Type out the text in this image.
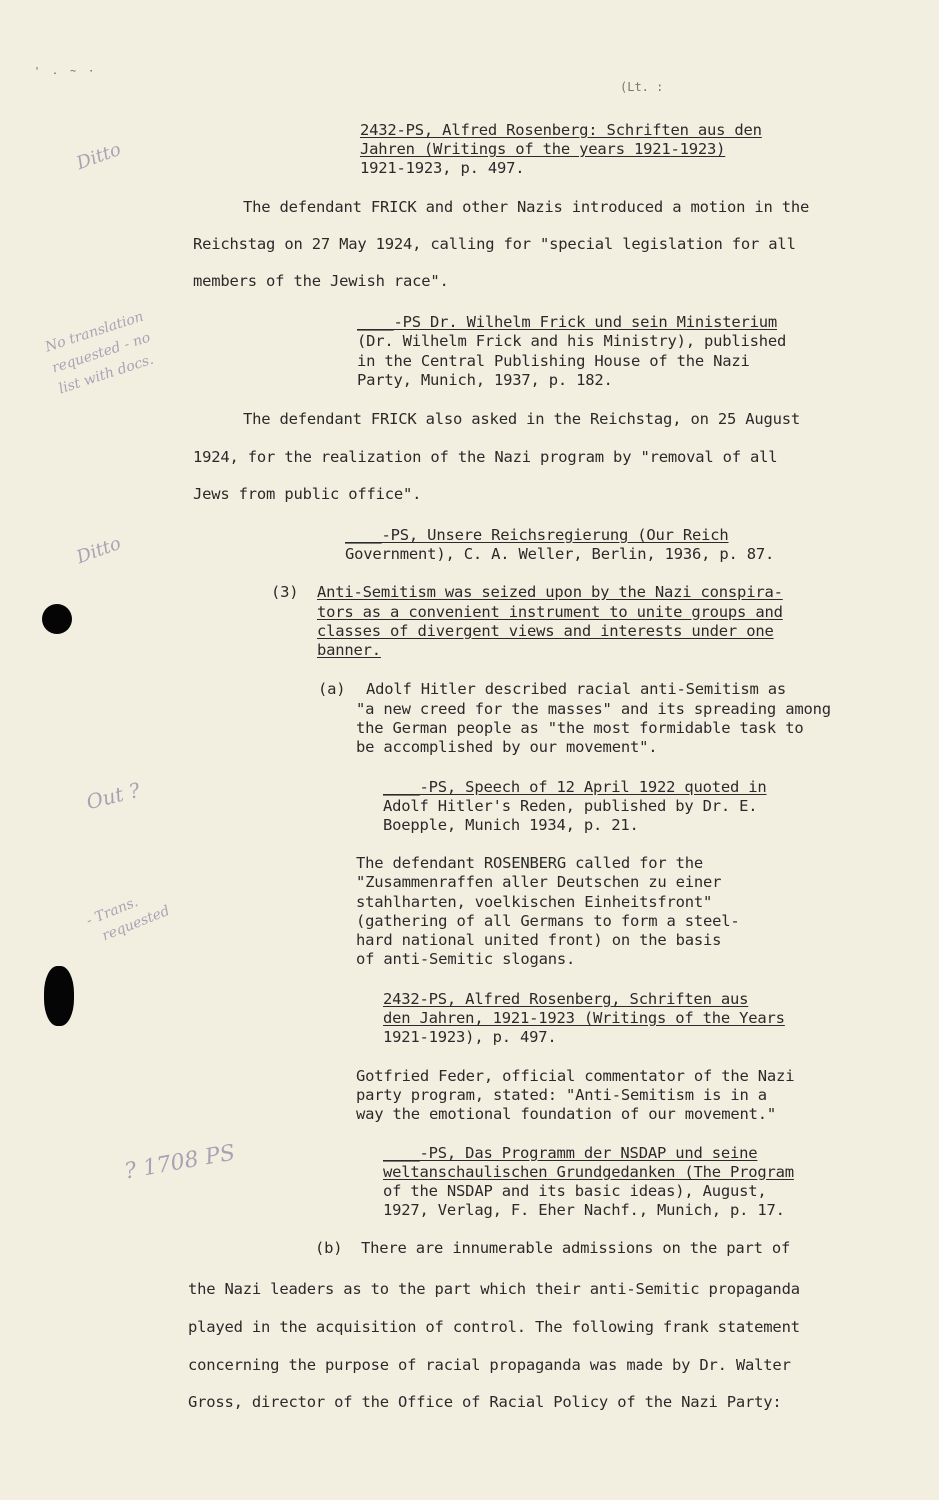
' . ~ ·
(Lt. :
Ditto
No translation
requested - no
list with docs.
Ditto
Out ?
- Trans.
requested
? 1708 PS
2432-PS, Alfred Rosenberg: Schriften aus den
Jahren (Writings of the years 1921-1923)
1921-1923, p. 497.
The defendant FRICK and other Nazis introduced a motion in the
Reichstag on 27 May 1924, calling for "special legislation for all
members of the Jewish race".
____-PS Dr. Wilhelm Frick und sein Ministerium
(Dr. Wilhelm Frick and his Ministry), published
in the Central Publishing House of the Nazi
Party, Munich, 1937, p. 182.
The defendant FRICK also asked in the Reichstag, on 25 August
1924, for the realization of the Nazi program by "removal of all
Jews from public office".
____-PS, Unsere Reichsregierung (Our Reich
Government), C. A. Weller, Berlin, 1936, p. 87.
(3) Anti-Semitism was seized upon by the Nazi conspira-
tors as a convenient instrument to unite groups and
classes of divergent views and interests under one
banner.
(a) Adolf Hitler described racial anti-Semitism as
"a new creed for the masses" and its spreading among
the German people as "the most formidable task to
be accomplished by our movement".
____-PS, Speech of 12 April 1922 quoted in
Adolf Hitler's Reden, published by Dr. E.
Boepple, Munich 1934, p. 21.
The defendant ROSENBERG called for the
"Zusammenraffen aller Deutschen zu einer
stahlharten, voelkischen Einheitsfront"
(gathering of all Germans to form a steel-
hard national united front) on the basis
of anti-Semitic slogans.
2432-PS, Alfred Rosenberg, Schriften aus
den Jahren, 1921-1923 (Writings of the Years
1921-1923), p. 497.
Gotfried Feder, official commentator of the Nazi
party program, stated: "Anti-Semitism is in a
way the emotional foundation of our movement."
____-PS, Das Programm der NSDAP und seine
weltanschaulischen Grundgedanken (The Program
of the NSDAP and its basic ideas), August,
1927, Verlag, F. Eher Nachf., Munich, p. 17.
(b) There are innumerable admissions on the part of
the Nazi leaders as to the part which their anti-Semitic propaganda
played in the acquisition of control. The following frank statement
concerning the purpose of racial propaganda was made by Dr. Walter
Gross, director of the Office of Racial Policy of the Nazi Party:
